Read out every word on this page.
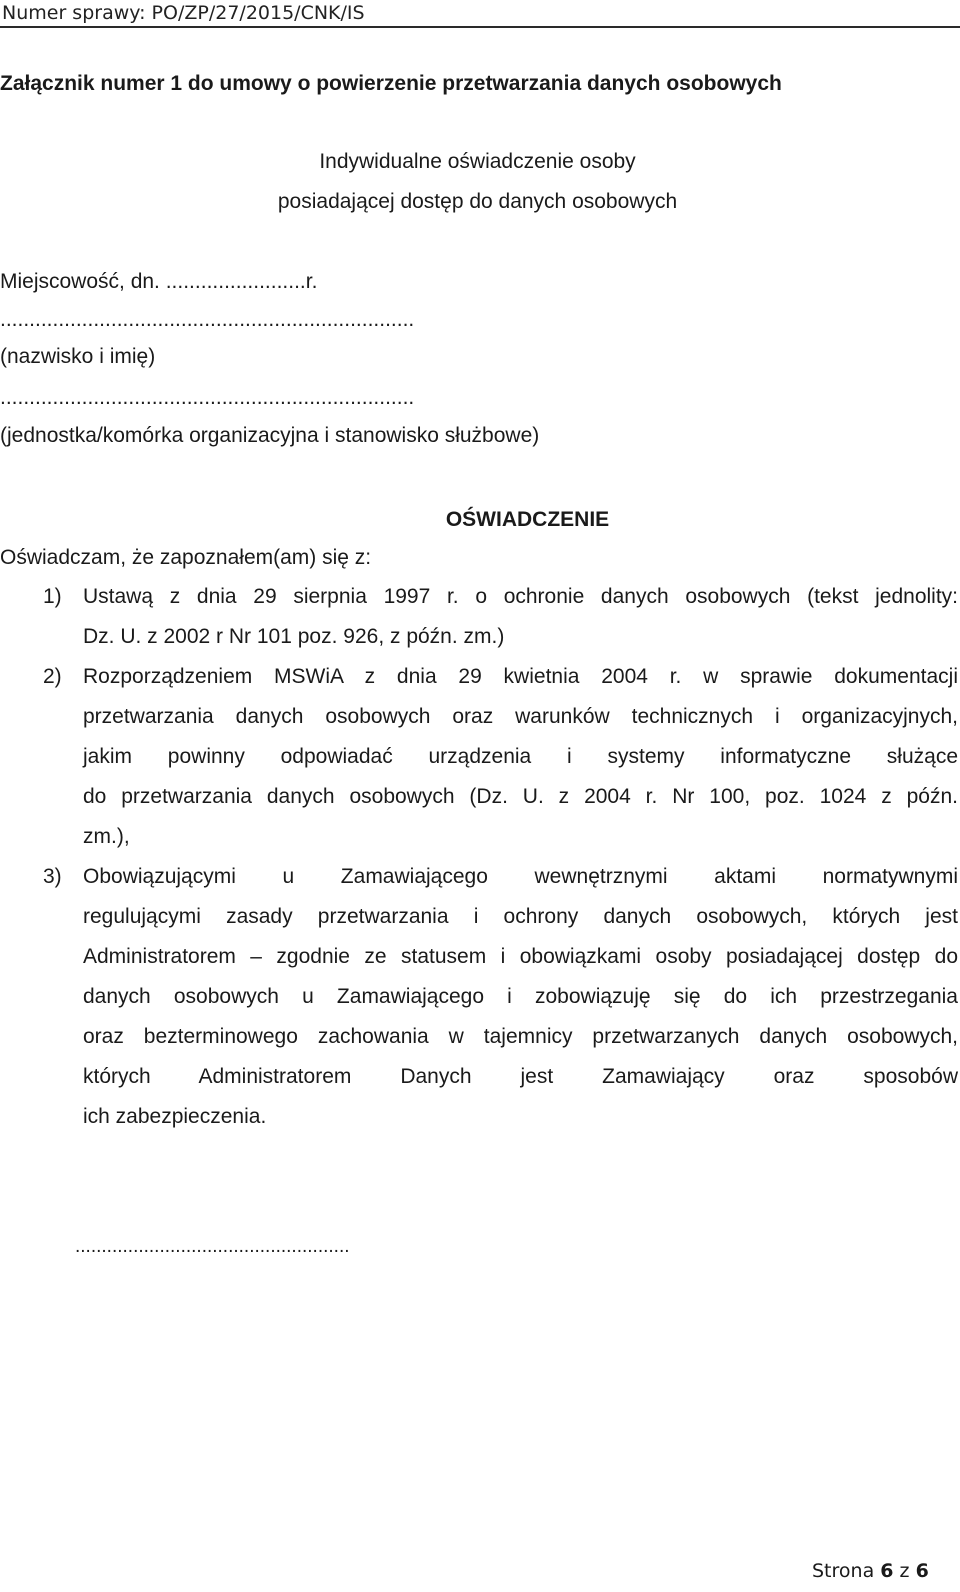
Numer sprawy: PO/ZP/27/2015/CNK/IS
Załącznik numer 1 do umowy o powierzenie przetwarzania danych osobowych
Indywidualne oświadczenie osoby
posiadającej dostęp do danych osobowych
Miejscowość, dn. ........................r.
.......................................................................
(nazwisko i imię)
.......................................................................
(jednostka/komórka organizacyjna i stanowisko służbowe)
OŚWIADCZENIE
Oświadczam, że zapoznałem(am) się z:
1) Ustawą z dnia 29 sierpnia 1997 r. o ochronie danych osobowych (tekst jednolity:
Dz. U. z 2002 r Nr 101 poz. 926, z późn. zm.)
2) Rozporządzeniem MSWiA z dnia 29 kwietnia 2004 r. w sprawie dokumentacji
przetwarzania danych osobowych oraz warunków technicznych i organizacyjnych,
jakim powinny odpowiadać urządzenia i systemy informatyczne służące
do przetwarzania danych osobowych (Dz. U. z 2004 r. Nr 100, poz. 1024 z późn.
zm.),
3) Obowiązującymi u Zamawiającego wewnętrznymi aktami normatywnymi
regulującymi zasady przetwarzania i ochrony danych osobowych, których jest
Administratorem – zgodnie ze statusem i obowiązkami osoby posiadającej dostęp do
danych osobowych u Zamawiającego i zobowiązuję się do ich przestrzegania
oraz bezterminowego zachowania w tajemnicy przetwarzanych danych osobowych,
których Administratorem Danych jest Zamawiający oraz sposobów
ich zabezpieczenia.
....................................................
Strona 6 z 6
